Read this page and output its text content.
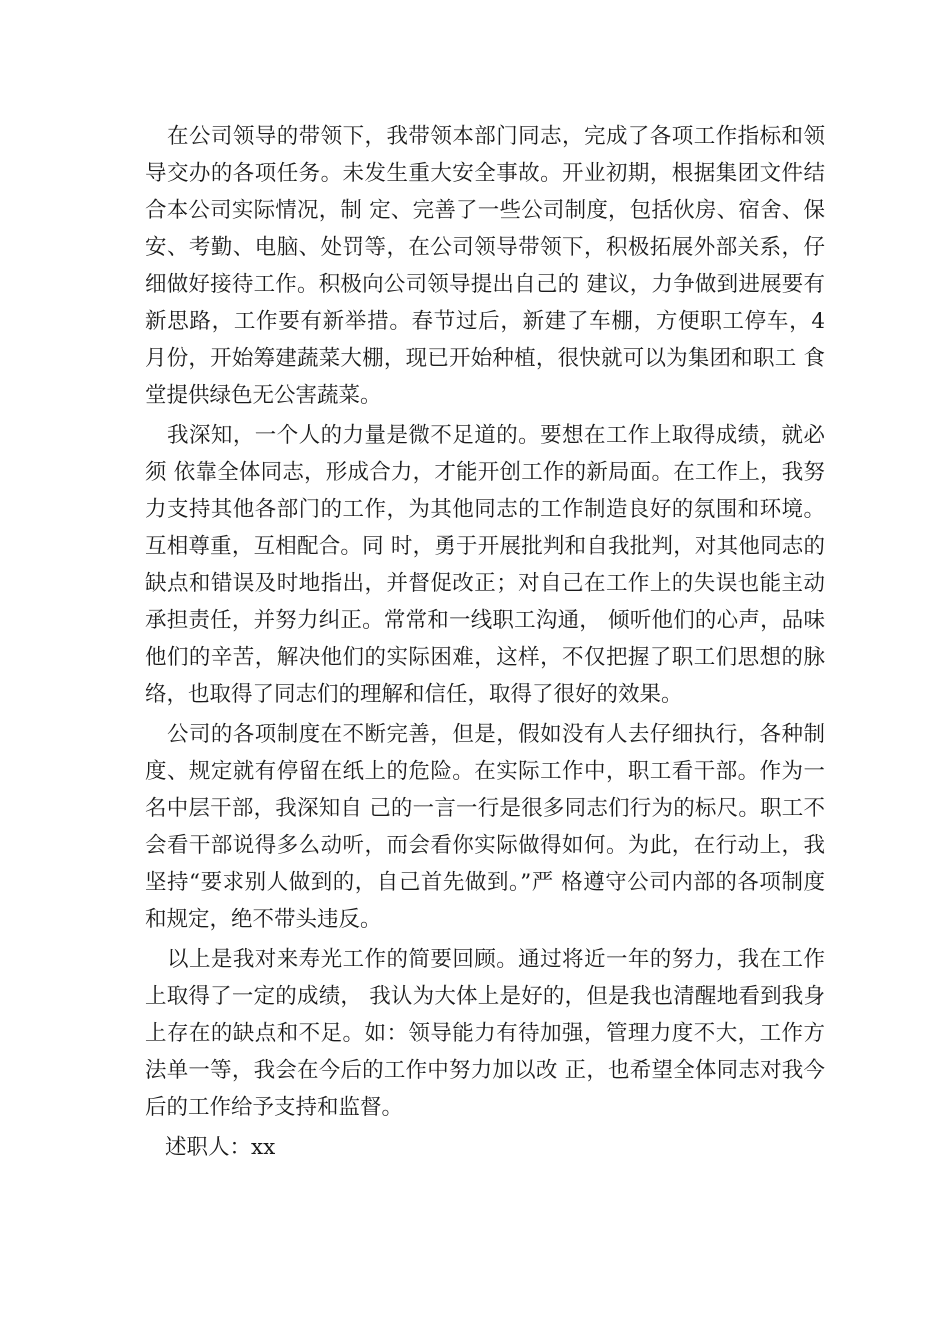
在公司领导的带领下，我带领本部门同志，完成了各项工作指标和领导交办的各项任务。未发生重大安全事故。开业初期，根据集团文件结合本公司实际情况，制 定、完善了一些公司制度，包括伙房、宿舍、保安、考勤、电脑、处罚等，在公司领导带领下，积极拓展外部关系，仔细做好接待工作。积极向公司领导提出自己的 建议，力争做到进展要有新思路，工作要有新举措。春节过后，新建了车棚，方便职工停车，4月份，开始筹建蔬菜大棚，现已开始种植，很快就可以为集团和职工 食堂提供绿色无公害蔬菜。

我深知，一个人的力量是微不足道的。要想在工作上取得成绩，就必须 依靠全体同志，形成合力，才能开创工作的新局面。在工作上，我努力支持其他各部门的工作，为其他同志的工作制造良好的氛围和环境。互相尊重，互相配合。同 时，勇于开展批判和自我批判，对其他同志的缺点和错误及时地指出，并督促改正；对自己在工作上的失误也能主动承担责任，并努力纠正。常常和一线职工沟通， 倾听他们的心声，品味他们的辛苦，解决他们的实际困难，这样，不仅把握了职工们思想的脉络，也取得了同志们的理解和信任，取得了很好的效果。

公司的各项制度在不断完善，但是，假如没有人去仔细执行，各种制度、规定就有停留在纸上的危险。在实际工作中，职工看干部。作为一名中层干部，我深知自 己的一言一行是很多同志们行为的标尺。职工不会看干部说得多么动听，而会看你实际做得如何。为此，在行动上，我坚持“要求别人做到的，自己首先做到。”严 格遵守公司内部的各项制度和规定，绝不带头违反。

以上是我对来寿光工作的简要回顾。通过将近一年的努力，我在工作上取得了一定的成绩， 我认为大体上是好的，但是我也清醒地看到我身上存在的缺点和不足。如：领导能力有待加强，管理力度不大，工作方法单一等，我会在今后的工作中努力加以改 正，也希望全体同志对我今后的工作给予支持和监督。

述职人：xx
